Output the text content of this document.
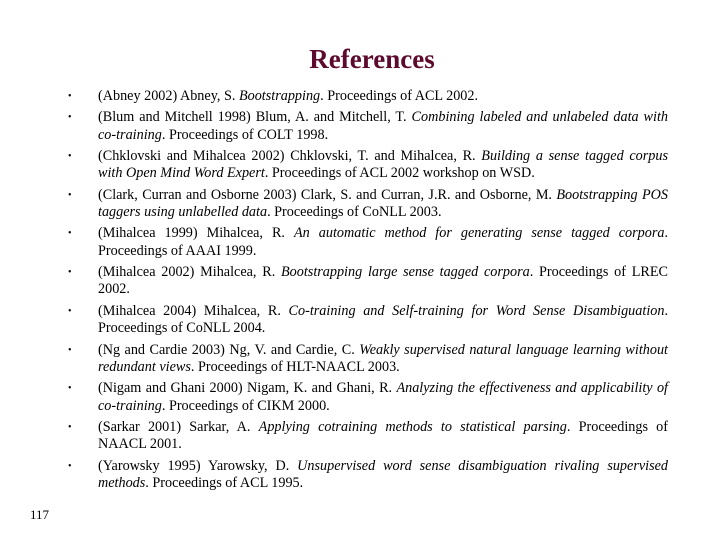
References
• (Abney 2002) Abney, S. Bootstrapping. Proceedings of ACL 2002.
• (Blum and Mitchell 1998) Blum, A. and Mitchell, T. Combining labeled and unlabeled data with co-training. Proceedings of COLT 1998.
• (Chklovski and Mihalcea 2002) Chklovski, T. and Mihalcea, R. Building a sense tagged corpus with Open Mind Word Expert. Proceedings of ACL 2002 workshop on WSD.
• (Clark, Curran and Osborne 2003) Clark, S. and Curran, J.R. and Osborne, M. Bootstrapping POS taggers using unlabelled data. Proceedings of CoNLL 2003.
• (Mihalcea 1999) Mihalcea, R. An automatic method for generating sense tagged corpora. Proceedings of AAAI 1999.
• (Mihalcea 2002) Mihalcea, R. Bootstrapping large sense tagged corpora. Proceedings of LREC 2002.
• (Mihalcea 2004) Mihalcea, R. Co-training and Self-training for Word Sense Disambiguation. Proceedings of CoNLL 2004.
• (Ng and Cardie 2003) Ng, V. and Cardie, C. Weakly supervised natural language learning without redundant views. Proceedings of HLT-NAACL 2003.
• (Nigam and Ghani 2000) Nigam, K. and Ghani, R. Analyzing the effectiveness and applicability of co-training. Proceedings of CIKM 2000.
• (Sarkar 2001) Sarkar, A. Applying cotraining methods to statistical parsing. Proceedings of NAACL 2001.
• (Yarowsky 1995) Yarowsky, D. Unsupervised word sense disambiguation rivaling supervised methods. Proceedings of ACL 1995.
117
